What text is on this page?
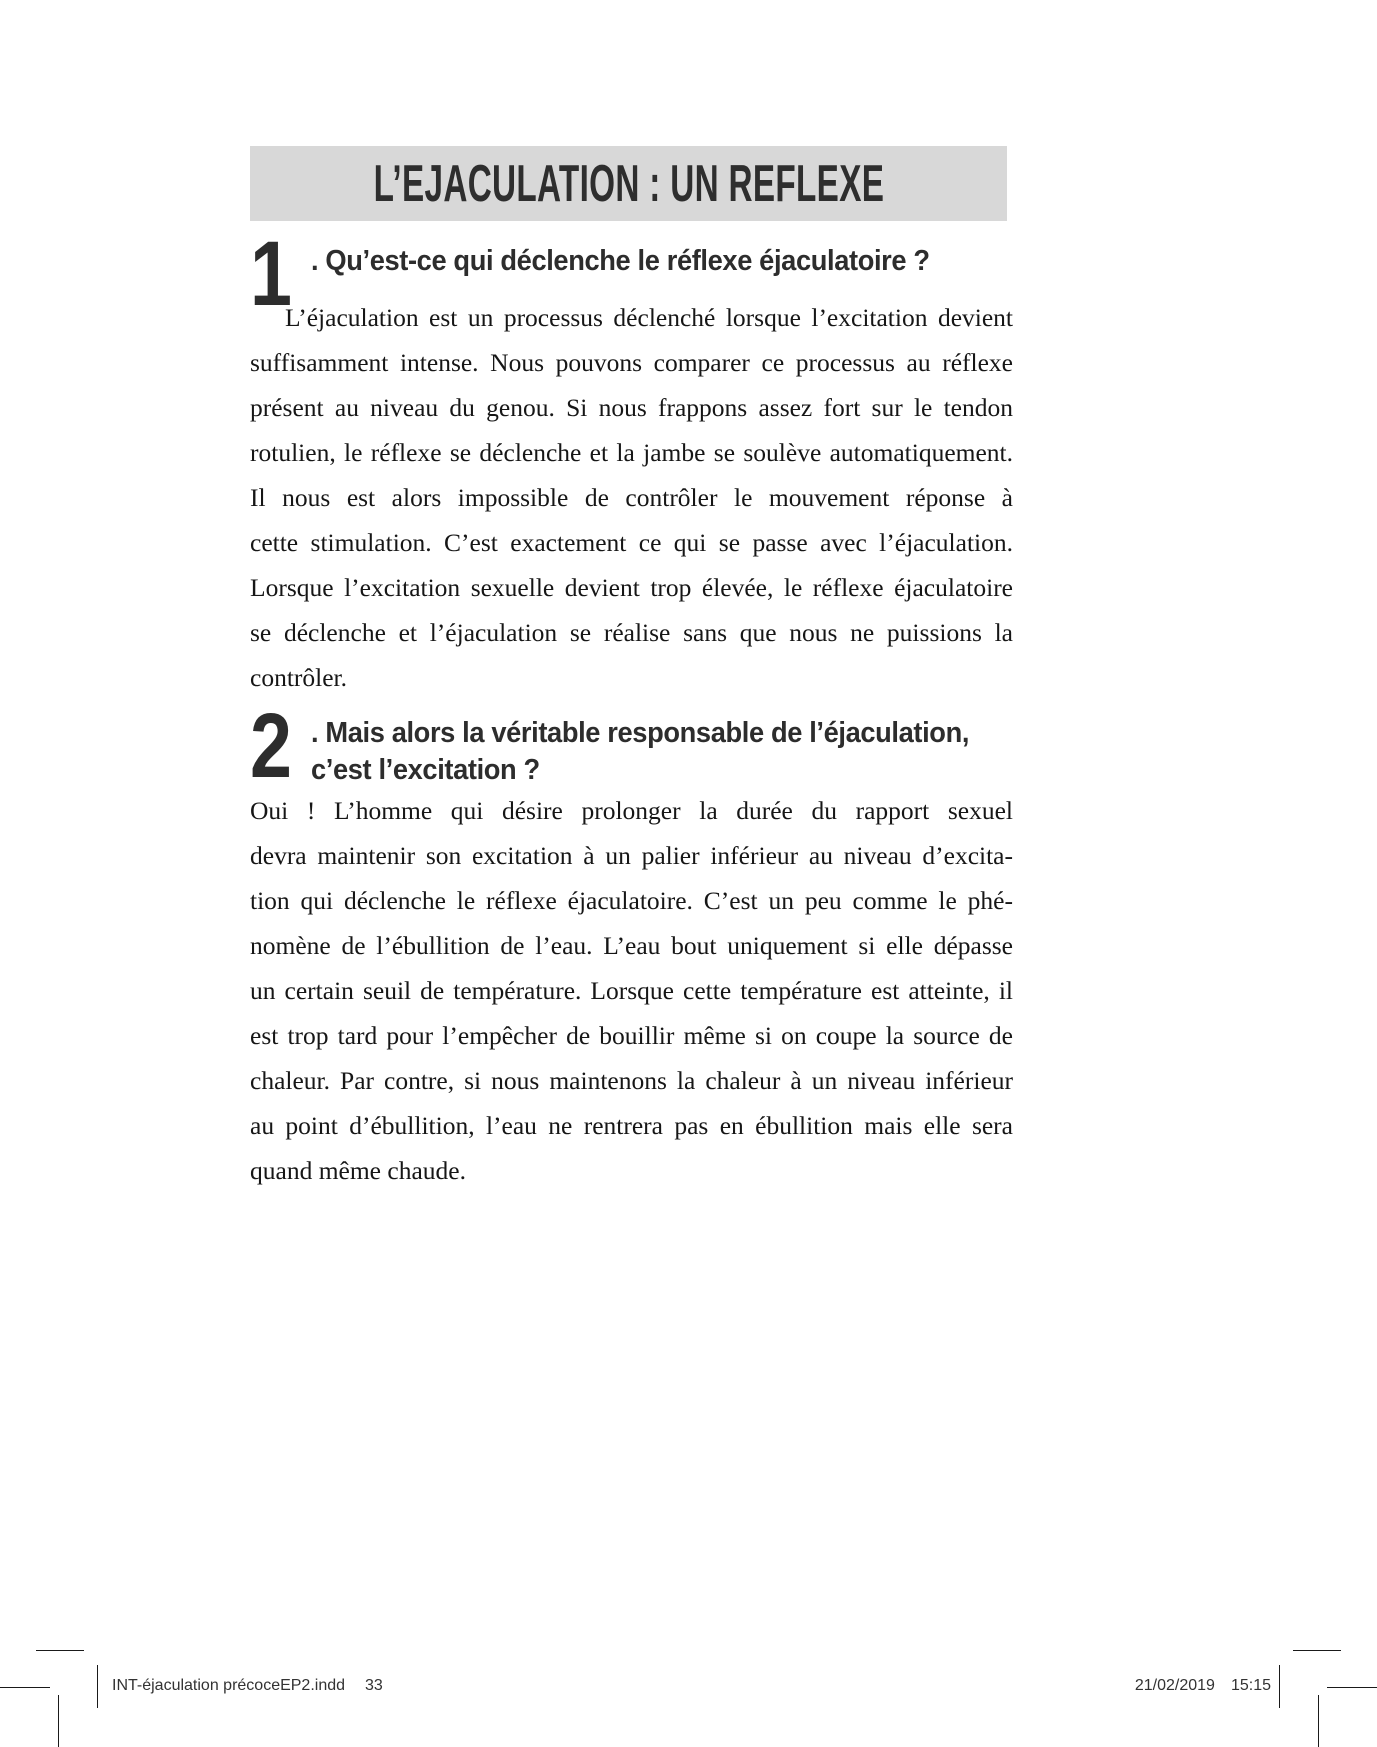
L’EJACULATION : UN REFLEXE
1 . Qu’est-ce qui déclenche le réflexe éjaculatoire ?
L’éjaculation est un processus déclenché lorsque l’excitation devient
suffisamment intense. Nous pouvons comparer ce processus au réflexe
présent au niveau du genou. Si nous frappons assez fort sur le tendon
rotulien, le réflexe se déclenche et la jambe se soulève automatiquement.
Il nous est alors impossible de contrôler le mouvement réponse à
cette stimulation. C’est exactement ce qui se passe avec l’éjaculation.
Lorsque l’excitation sexuelle devient trop élevée, le réflexe éjaculatoire
se déclenche et l’éjaculation se réalise sans que nous ne puissions la
contrôler.
2 . Mais alors la véritable responsable de l’éjaculation,
c’est l’excitation ?
Oui ! L’homme qui désire prolonger la durée du rapport sexuel
devra maintenir son excitation à un palier inférieur au niveau d’excita-
tion qui déclenche le réflexe éjaculatoire. C’est un peu comme le phé-
nomène de l’ébullition de l’eau. L’eau bout uniquement si elle dépasse
un certain seuil de température. Lorsque cette température est atteinte, il
est trop tard pour l’empêcher de bouillir même si on coupe la source de
chaleur. Par contre, si nous maintenons la chaleur à un niveau inférieur
au point d’ébullition, l’eau ne rentrera pas en ébullition mais elle sera
quand même chaude.
INT-éjaculation précoceEP2.indd 33	21/02/2019 15:15
